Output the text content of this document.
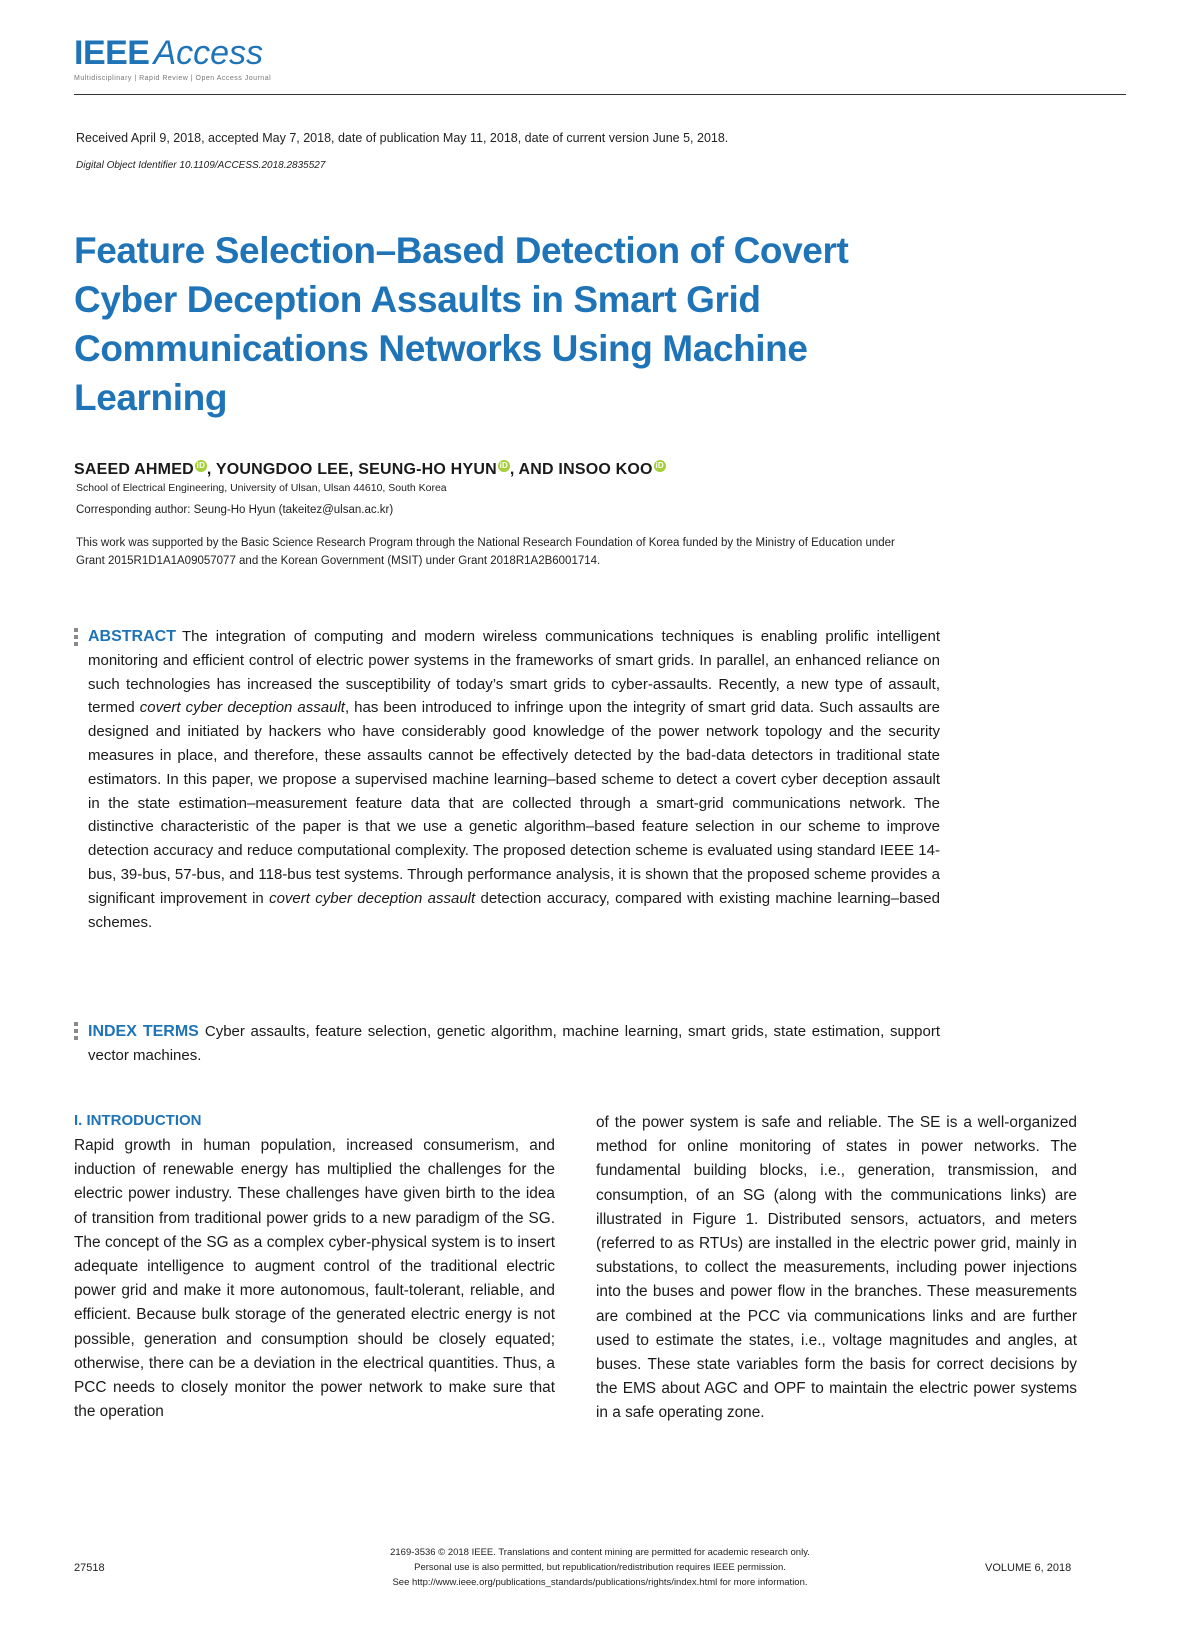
IEEE Access
Multidisciplinary | Rapid Review | Open Access Journal
Received April 9, 2018, accepted May 7, 2018, date of publication May 11, 2018, date of current version June 5, 2018.
Digital Object Identifier 10.1109/ACCESS.2018.2835527
Feature Selection–Based Detection of Covert Cyber Deception Assaults in Smart Grid Communications Networks Using Machine Learning
SAEED AHMED iD , YOUNGDOO LEE, SEUNG-HO HYUN iD , AND INSOO KOO iD
School of Electrical Engineering, University of Ulsan, Ulsan 44610, South Korea
Corresponding author: Seung-Ho Hyun (takeitez@ulsan.ac.kr)

This work was supported by the Basic Science Research Program through the National Research Foundation of Korea funded by the Ministry of Education under Grant 2015R1D1A1A09057077 and the Korean Government (MSIT) under Grant 2018R1A2B6001714.

ABSTRACT The integration of computing and modern wireless communications techniques is enabling prolific intelligent monitoring and efficient control of electric power systems in the frameworks of smart grids. In parallel, an enhanced reliance on such technologies has increased the susceptibility of today’s smart grids to cyber-assaults. Recently, a new type of assault, termed covert cyber deception assault, has been introduced to infringe upon the integrity of smart grid data. Such assaults are designed and initiated by hackers who have considerably good knowledge of the power network topology and the security measures in place, and therefore, these assaults cannot be effectively detected by the bad-data detectors in traditional state estimators. In this paper, we propose a supervised machine learning–based scheme to detect a covert cyber deception assault in the state estimation–measurement feature data that are collected through a smart-grid communications network. The distinctive characteristic of the paper is that we use a genetic algorithm–based feature selection in our scheme to improve detection accuracy and reduce computational complexity. The proposed detection scheme is evaluated using standard IEEE 14-bus, 39-bus, 57-bus, and 118-bus test systems. Through performance analysis, it is shown that the proposed scheme provides a significant improvement in covert cyber deception assault detection accuracy, compared with existing machine learning–based schemes.

INDEX TERMS Cyber assaults, feature selection, genetic algorithm, machine learning, smart grids, state estimation, support vector machines.

I. INTRODUCTION

Rapid growth in human population, increased consumerism, and induction of renewable energy has multiplied the challenges for the electric power industry. These challenges have given birth to the idea of transition from traditional power grids to a new paradigm of the SG. The concept of the SG as a complex cyber-physical system is to insert adequate intelligence to augment control of the traditional electric power grid and make it more autonomous, fault-tolerant, reliable, and efficient. Because bulk storage of the generated electric energy is not possible, generation and consumption should be closely equated; otherwise, there can be a deviation in the electrical quantities. Thus, a PCC needs to closely monitor the power network to make sure that the operation

of the power system is safe and reliable. The SE is a well-organized method for online monitoring of states in power networks. The fundamental building blocks, i.e., generation, transmission, and consumption, of an SG (along with the communications links) are illustrated in Figure 1. Distributed sensors, actuators, and meters (referred to as RTUs) are installed in the electric power grid, mainly in substations, to collect the measurements, including power injections into the buses and power flow in the branches. These measurements are combined at the PCC via communications links and are further used to estimate the states, i.e., voltage magnitudes and angles, at buses. These state variables form the basis for correct decisions by the EMS about AGC and OPF to maintain the electric power systems in a safe operating zone.

27518
2169-3536 © 2018 IEEE. Translations and content mining are permitted for academic research only.
Personal use is also permitted, but republication/redistribution requires IEEE permission.
See http://www.ieee.org/publications_standards/publications/rights/index.html for more information.
VOLUME 6, 2018
